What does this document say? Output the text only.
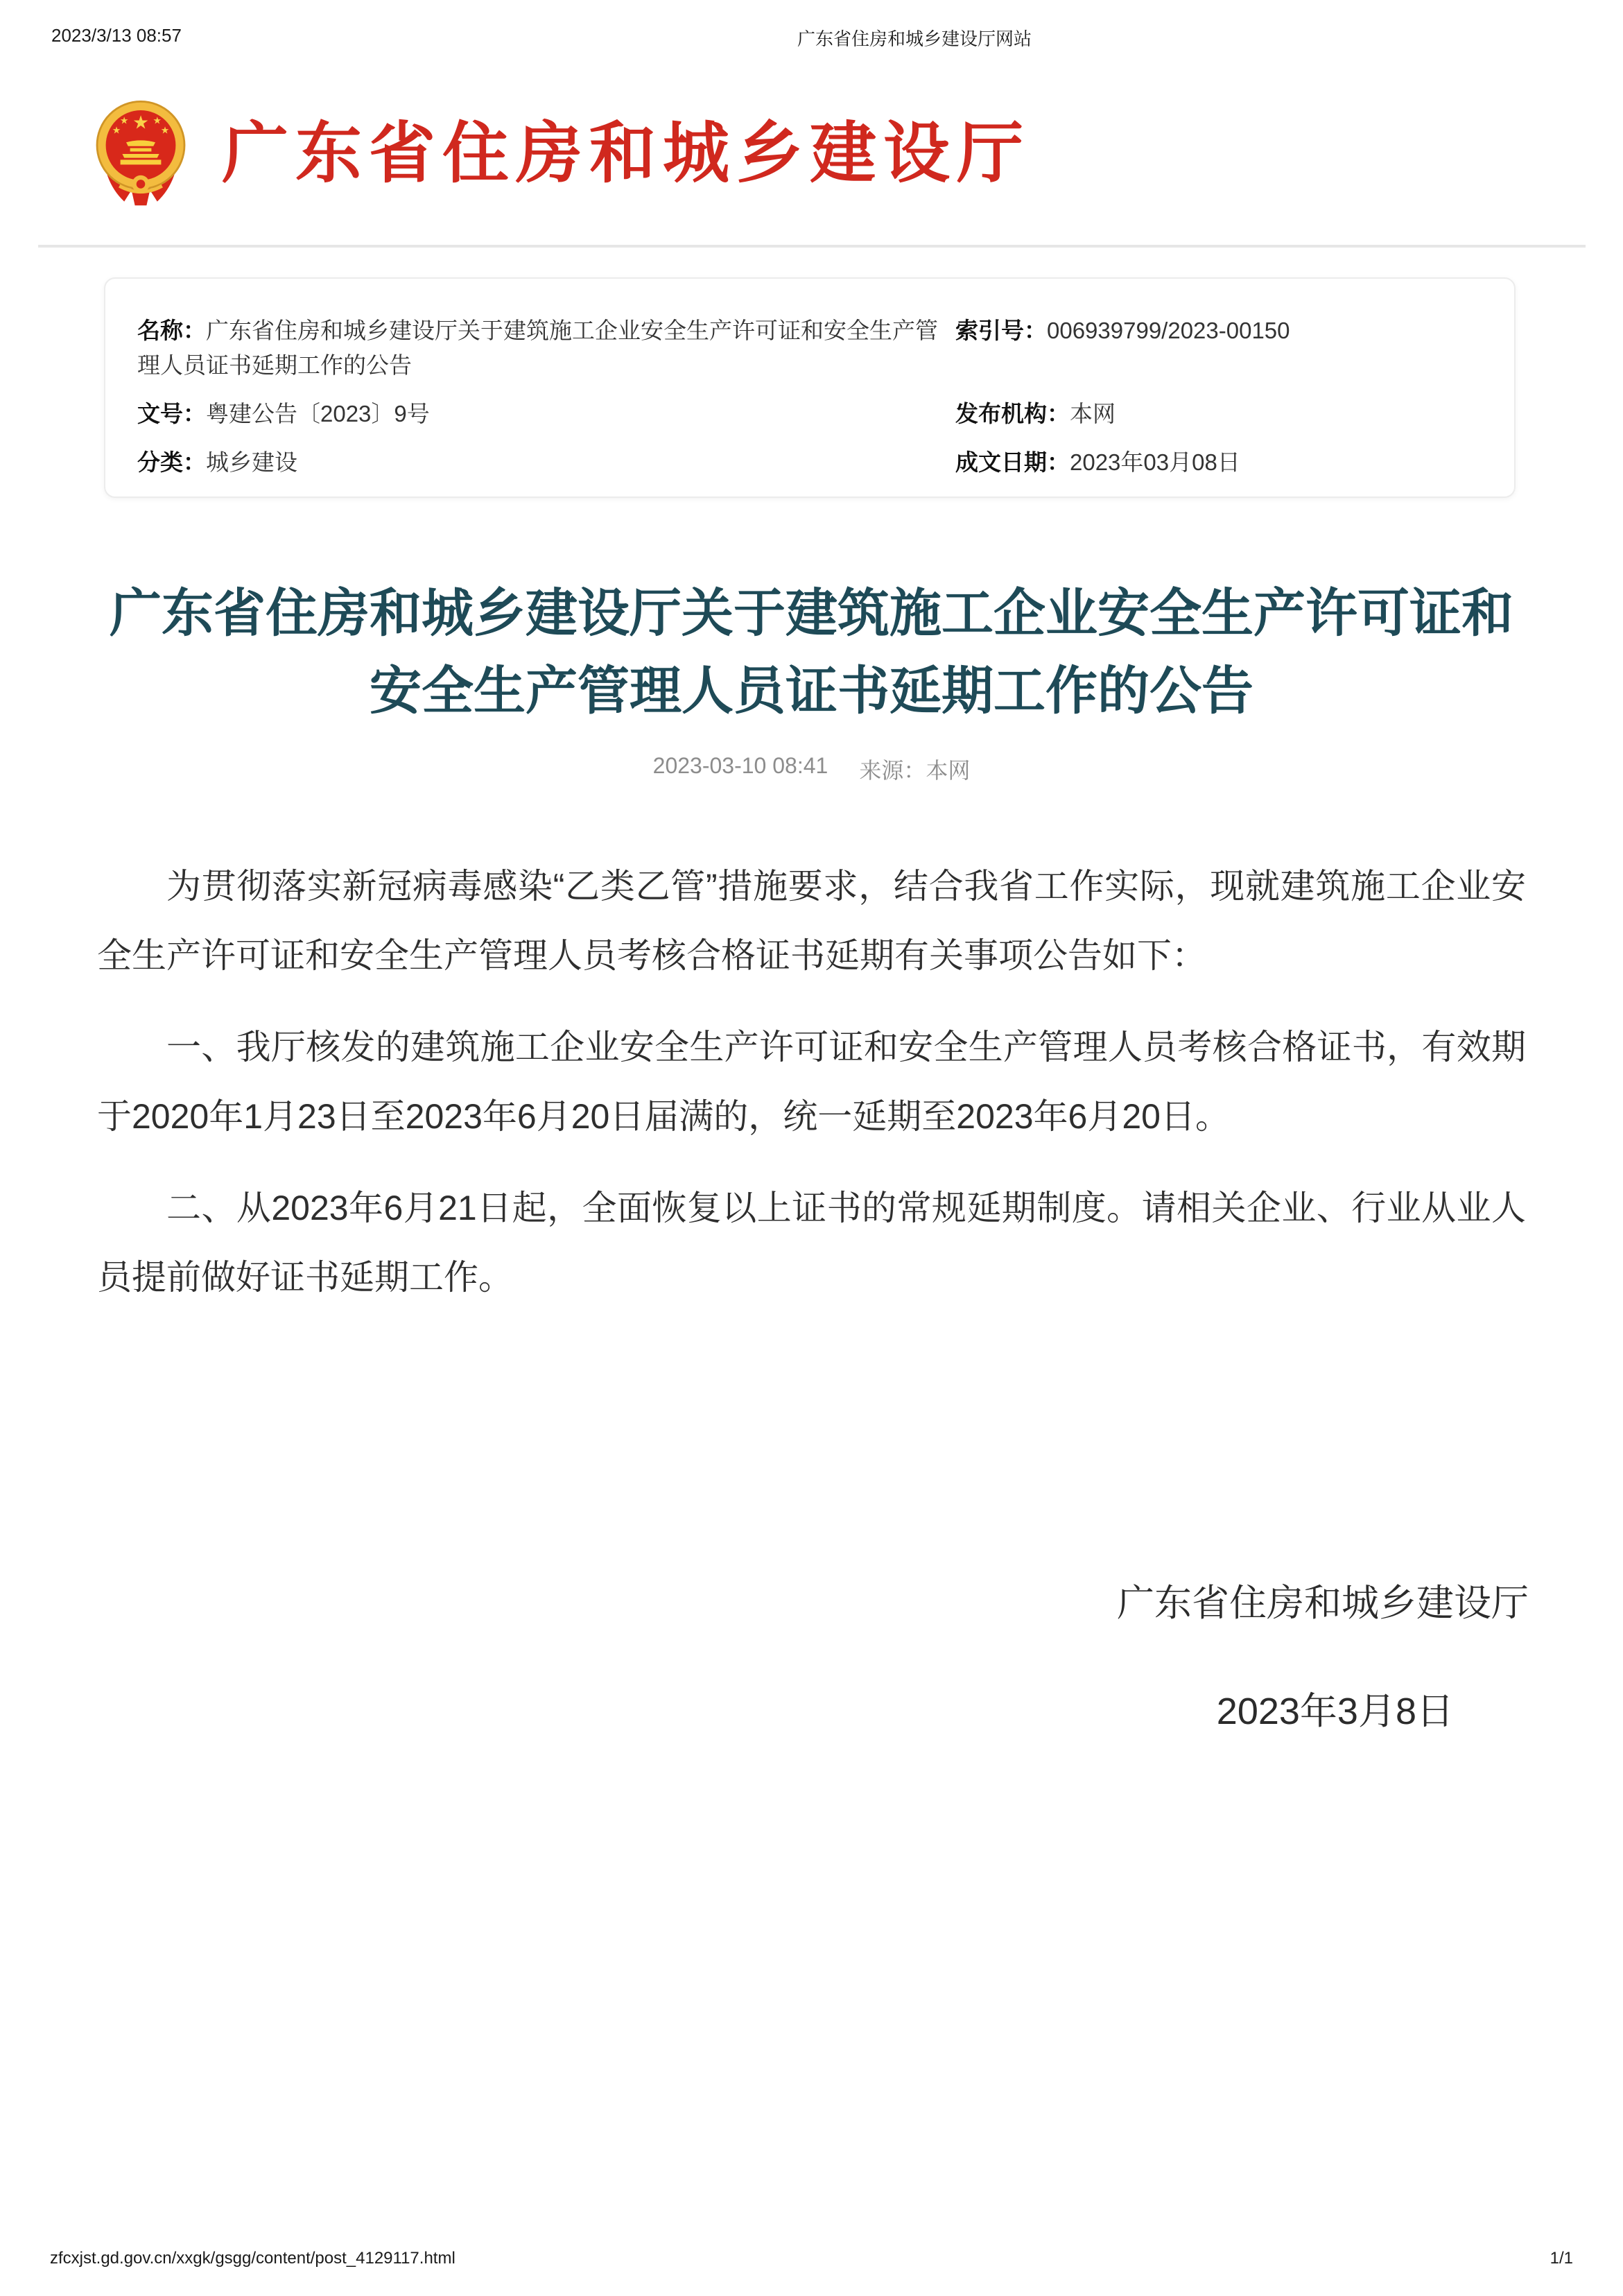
2023/3/13 08:57	广东省住房和城乡建设厅网站
★
★
★
★
★ 广东省住房和城乡建设厅
名称：广东省住房和城乡建设厅关于建筑施工企业安全生产许可证和安全生产管理人员证书延期工作的公告
索引号：006939799/2023-00150
文号：粤建公告〔2023〕9号	发布机构：本网
分类：城乡建设	成文日期：2023年03月08日
广东省住房和城乡建设厅关于建筑施工企业安全生产许可证和安全生产管理人员证书延期工作的公告
2023-03-10 08:41 来源：本网

为贯彻落实新冠病毒感染“乙类乙管”措施要求，结合我省工作实际，现就建筑施工企业安全生产许可证和安全生产管理人员考核合格证书延期有关事项公告如下：

一、我厅核发的建筑施工企业安全生产许可证和安全生产管理人员考核合格证书，有效期于2020年1月23日至2023年6月20日届满的，统一延期至2023年6月20日。

二、从2023年6月21日起，全面恢复以上证书的常规延期制度。请相关企业、行业从业人员提前做好证书延期工作。

广东省住房和城乡建设厅
2023年3月8日
zfcxjst.gd.gov.cn/xxgk/gsgg/content/post_4129117.html	1/1
